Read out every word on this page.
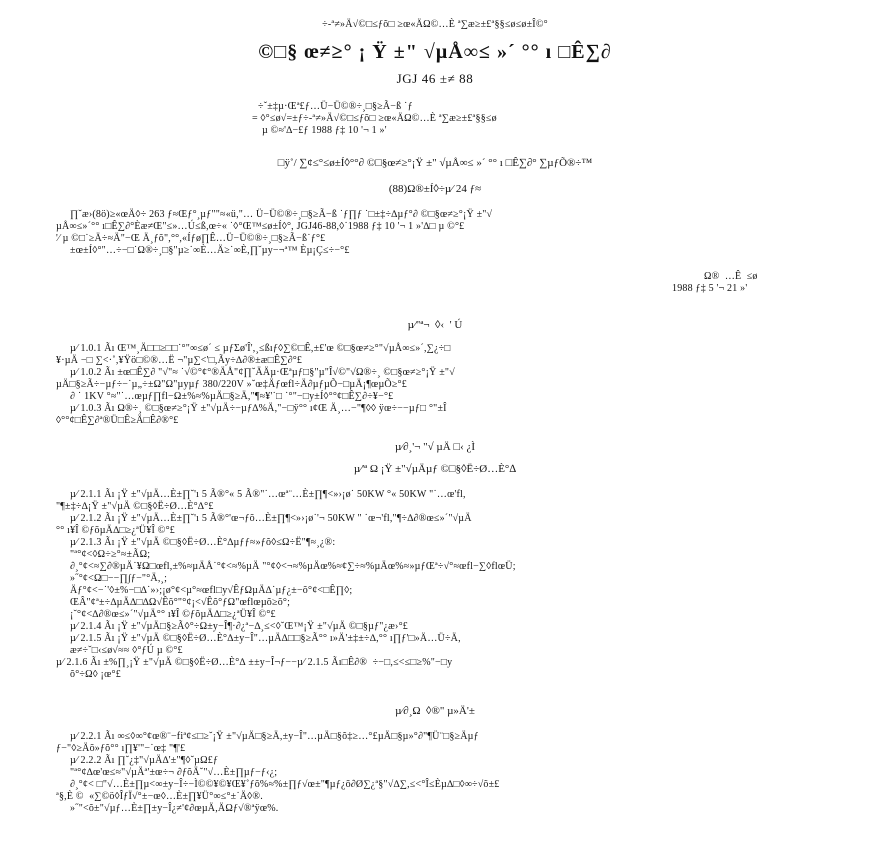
÷-ª≠»Ä√©□≤ƒõ□ ≥œ«ÄΩ©…È ª∑æ≥±£ª§§≤ø≤ø±Î©°
©□§ œ≠≥° ¡ Ÿ ±" √µÅ∞≤ »´ °° ı □Ê∑∂
JGJ 46 ±≠ 88
÷ˇ±‡µ·Œª£ƒ…Ü−Ü©®÷¸□§≥Ã−ß ˙ƒ
= ◊°≤ø√=±ƒ÷-ª≠»Ä√©□≤ƒõ□ ≥œ«ÄΩ©…È ª∑æ≥±£ª§§≤ø
µ ©≈'∆−£ƒ 1988 ƒ‡ 10 '¬ 1 »'
□ÿ˚/ ∑¢≤°≤ø±Í◊°°∂ ©□§œ≠≥°¡Ÿ ±" √µÅ∞≤ »´ °° ı □Ê∑∂° ∑µƒÕ®÷™
(88)Ω®±Í◊÷µ⁄ 24 ƒ≈
∏˘æ›(8ö)≥«œÄ◊÷ 263 ƒ≈Œƒ°¸µƒ""≈«ü,"… Ü−Ü©®÷¸□§≥Ã−ß ˙ƒ∏ƒ ˙□±‡÷∆µƒ°∂ ©□§œ≠≥°¡Ÿ ±"√
µÅ∞≤»´°° ı□Ê∑∂°Èæ≠Œ"≤»…Ú≤ß,œ÷« ˙◊°Œ™≤ø±Í◊°, JGJ46-88,◊˙1988 ƒ‡ 10 '¬ 1 »'∆□ µ ©°£
'⁄ µ ©□˙≥Ä÷≈Ä"−Œ Ä¸ƒõ",°°,«Íƒø∏Ê…Ü−Ü©®÷¸□§≥Ã−ß˙ƒ°£
±œ±Í◊°"…÷−□˙Ω®÷¸□§"µ≥˙∞È…Ä≥˙∞È,∏˘µy−¬ª™ Èµ¡Ç≤÷−°£
Ω®  …Ê  ≤ø
1988 ƒ‡ 5 '¬ 21 »'
µ⁄"ª¬  ◊‹  ' Ú
µ⁄ 1.0.1 Ãı Œ™¸Ä□□≥□□˙°"∞≤ø´ ≤ µƒΣø'Î',¸≤ßıƒ◊∑©□Ê,±£'œ ©□§œ≠≥°"√µÅ∞≤»´,∑¿÷□
¥·µÄ −□ ∑<·˚,¥Ÿö□©®…Ë ¬"µ∑<'□,Ãy÷∆∂®±æ□Ê∑∂°£
µ⁄ 1.0.2 Ãı ±œ□Ê∑∂ "√"≈ ˙√©°¢°®ÄÅ"¢∏˘ÄÄµ·Œªµƒ□§"µ"Î√©"√Ω®÷¸ ©□§œ≠≥°¡Ÿ ±"√
µÄ□§≥Ã÷−µƒ÷−˙µ„÷±Ω"Ω"µyµƒ 380/220V »˘œ‡Äƒœfl÷Ä∂µƒµÕ−□µÄ¡¶œµÕ≥°£
∂ ˙ 1KV °≈"˙…œµƒ∏fl−Ω±%≈%µÄ□§≥Ä,"¶≈¥'˙□ ˙°"−□y±Í◊°°¢□Ê∑∂÷¥−°£
µ⁄ 1.0.3 Ãı Ω®÷¸ ©□§œ≠≥°¡Ÿ ±"√µÄ÷−µƒ∆%Ä,"−□ÿ°° ı¢Œ Ä¸…−"¶◊◊ ÿœ÷−−µƒ□ °"±Î
◊°°¢□Ê∑∂ª®Ü□Ê≥Ä□Ê∂®°£
µ⁄∂¸'¬ "√ µÄ □‹ ¿Ì
µ⁄'ª Ω ¡Ÿ ±"√µÄµƒ ©□§◊Ë÷Ø…È°∆
µ⁄ 2.1.1 Ãı ¡Ÿ ±"√µÄ…È±∏˘'ı 5 Ã®°« 5 Ã®"˙…œª¨…È±∏¶<»›¡ø˙ 50KW °« 50KW "˙…œ'fl,
"¶±‡÷∆¡Ÿ ±"√µÄ ©□§◊Ë÷Ø…È°∆°£
µ⁄ 2.1.2 Ãı ¡Ÿ ±"√µÄ…È±∏˘'ı 5 Ã®°'œ¬ƒõ…È±∏¶<»›¡ø˙'¬ 50KW " ˙œ¬'fl,"¶÷∆∂®œ≤»´"√µÄ
°° ı¥Î ©ƒõµÄ∆□≥¿ªÜ¥Î ©°£
µ⁄ 2.1.3 Ãı ¡Ÿ ±"√µÄ ©□§◊Ë÷Ø…È°∆µƒƒ≈»ƒõ◊≤Ω÷Ë"¶≈¸¿®:
"ª°¢<◊Ω÷≥°≈±ÃΩ;
∂¸°¢<≈∑∂®µÄ˙¥Ω□œfl,±%≈µÄÅ˙°¢<≈%µÄ "°¢◊<¬≈%µÄœ%≈¢∑÷≈%µÄœ%≈»µƒŒª÷√°≈œfl−∑◊flœÜ;
»˝°¢<Ω□−−∏∫ƒ−"°Ä,¸;
Äƒ°¢<−˙'◊±%−□∆˙»›;¡ø°¢<µ°≈œfl□y√ÊƒΩµÄ∆˙µƒ¿±−õ°¢<□Ê∏◊;
ŒÂ"¢ª±÷∆µÄ∆□∆Ω√Êõ°"°¢¡<√Êõ°ƒΩ"œflœµõ≥õ°;
¡˘°¢<∆∂®œ≤»´"√µÄ°° ı¥Î ©ƒõµÄ∆□≥¿ªÜ¥Î ©°£
µ⁄ 2.1.4 Ãı ¡Ÿ ±"√µÄ□§≥Ã◊°÷Ω±y−Î¶·∂¿ª−∆¸≤<◊˘Œ™¡Ÿ ±"√µÄ ©□§µƒ"¿æ›°£
µ⁄ 2.1.5 Ãı ¡Ÿ ±"√µÄ ©□§◊Ë÷Ø…È°∆±y−Î"…µÄ∆□□§≥Ã°° ı»Ä'±‡±÷∆,°° ı∏ƒ'□»Ä…Ü÷Ä,
æ≠÷˘□‹≤ø√≈≈ ◊°ƒÚ µ ©°£
µ⁄ 2.1.6 Ãı ±%∏¸¡Ÿ ±"√µÄ ©□§◊Ë÷Ø…È°∆ ±±y−Î¬ƒ−−µ⁄ 2.1.5 Ãı□Ê∂®  ÷−□,≤<≤□≥%"−□y
õ°÷Ω◊ ¡œ°£
µ⁄∂¸Ω  ◊®" µ»Ä'±
µ⁄ 2.2.1 Ãı ∞≤◊∞°¢œ®¨−fiª¢≤□≥˘¡Ÿ ±"√µÄ□§≥Ä,±y−Î"…µÄ□§õ‡≥…°£µÄ□§µ»°∂"¶Ü¨□§≥Äµƒ
ƒ−"◊≥Äõ»ƒõ°° ı∏¥'"−˙œ‡ "¶'£
µ⁄ 2.2.2 Ãı ∏˘¿‡"√µÄ∆'±"¶◊˘µΩ£ƒ
"ª°¢∆œ'œ≤≈"√µÄª'±œ÷¬ ∂ƒõÄ˘"√…È±∏µƒ−ƒ‹¿;
∂¸°¢< □"√…È±∏µ<∞±y−Î÷−Ì©©¥©¥Œ¥˚ƒõ%≈%±∏ƒ√œ±"¶µƒ¿õ∂Ø∑¿ª§"√∆∑,≤<°Î≤Èµ∆□◊∞÷√õ±£
ª§,È ©  «∑©ö◊ÎƒÏ√°±−œ◊…È±∏¥Ü°∞≤°±˙Ä◊®.
»˝"<õ±"√µƒ…È±∏±y−Î¿≠'¢∂œµÄ,ÄΩƒ√®ªÿœ%.
